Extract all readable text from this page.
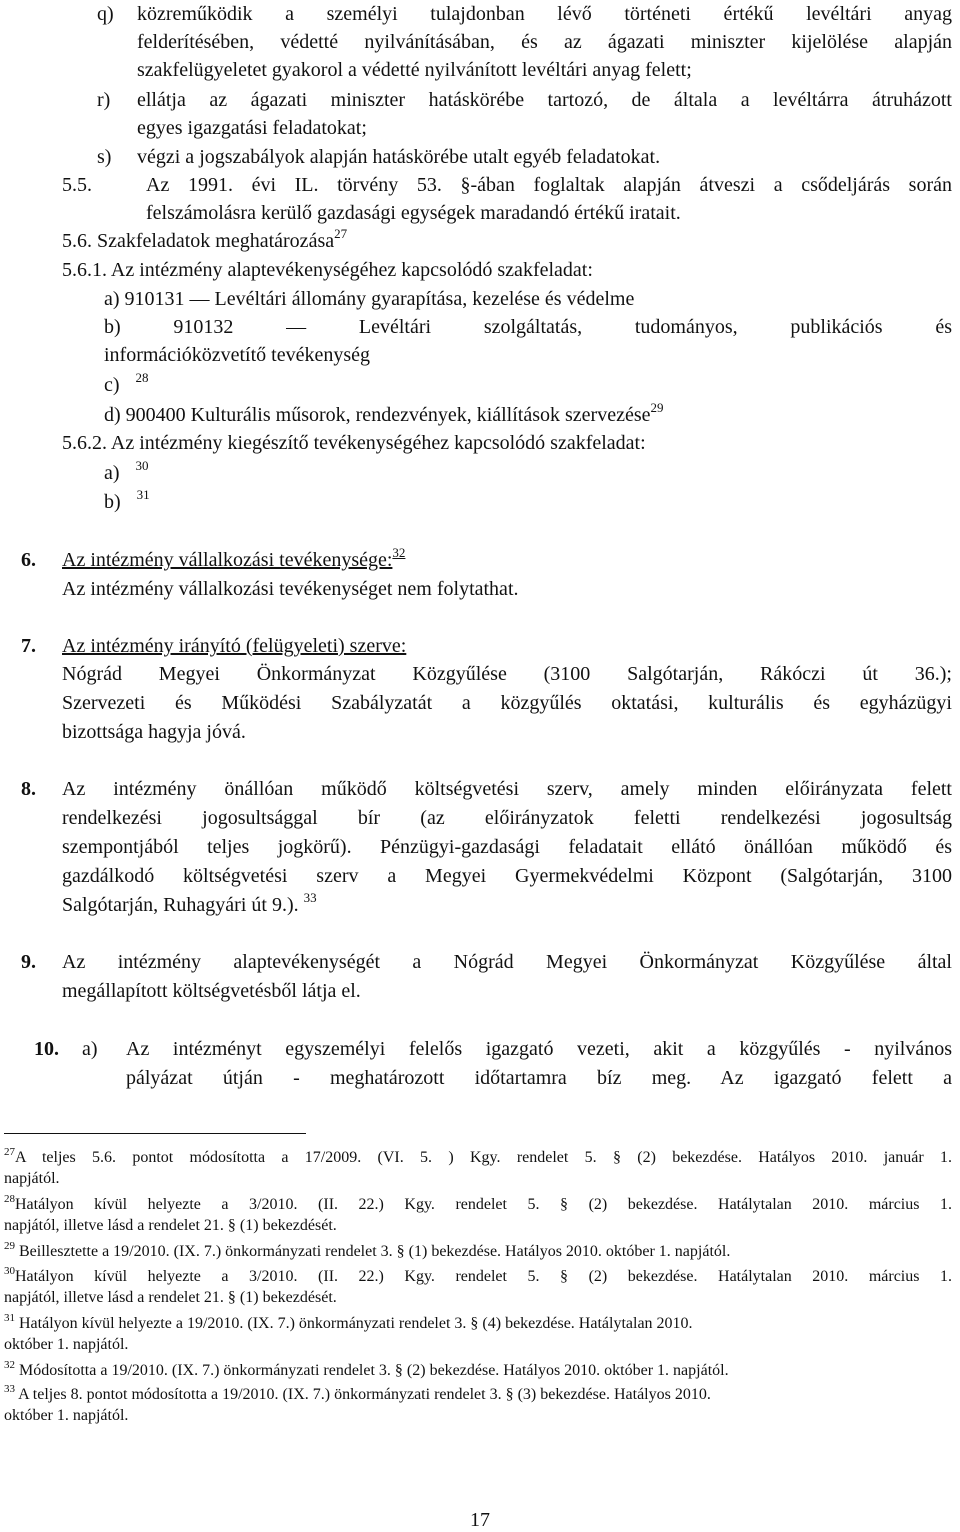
q) közreműködik a személyi tulajdonban lévő történeti értékű levéltári anyag
felderítésében, védetté nyilvánításában, és az ágazati miniszter kijelölése alapján
szakfelügyeletet gyakorol a védetté nyilvánított levéltári anyag felett;
r) ellátja az ágazati miniszter hatáskörébe tartozó, de általa a levéltárra átruházott
egyes igazgatási feladatokat;
s) végzi a jogszabályok alapján hatáskörébe utalt egyéb feladatokat.
5.5.	Az 1991. évi IL. törvény 53. §-ában foglaltak alapján átveszi a csődeljárás során
felszámolásra kerülő gazdasági egységek maradandó értékű iratait.
5.6. Szakfeladatok meghatározása$^{27}$
5.6.1. Az intézmény alaptevékenységéhez kapcsolódó szakfeladat:
a) 910131 — Levéltári állomány gyarapítása, kezelése és védelme
b) 910132 — Levéltári szolgáltatás, tudományos, publikációs és
információközvetítő tevékenység
c) $^{28}$
d) 900400 Kulturális műsorok, rendezvények, kiállítások szervezése$^{29}$
5.6.2. Az intézmény kiegészítő tevékenységéhez kapcsolódó szakfeladat:
a) $^{30}$
b) $^{31}$
6. Az intézmény vállalkozási tevékenysége:$^{32}$
Az intézmény vállalkozási tevékenységet nem folytathat.
7. Az intézmény irányító (felügyeleti) szerve:
Nógrád Megyei Önkormányzat Közgyűlése (3100 Salgótarján, Rákóczi út 36.);
Szervezeti és Működési Szabályzatát a közgyűlés oktatási, kulturális és egyházügyi
bizottsága hagyja jóvá.
8. Az intézmény önállóan működő költségvetési szerv, amely minden előirányzata felett
rendelkezési jogosultsággal bír (az előirányzatok feletti rendelkezési jogosultság
szempontjából teljes jogkörű). Pénzügyi-gazdasági feladatait ellátó önállóan működő és
gazdálkodó költségvetési szerv a Megyei Gyermekvédelmi Központ (Salgótarján, 3100
Salgótarján, Ruhagyári út 9.). $^{33}$
9. Az intézmény alaptevékenységét a Nógrád Megyei Önkormányzat Közgyűlése által
megállapított költségvetésből látja el.
10. a) Az intézményt egyszemélyi felelős igazgató vezeti, akit a közgyűlés - nyilvános
pályázat útján - meghatározott időtartamra bíz meg. Az igazgató felett a
$^{27}$A teljes 5.6. pontot módosította a 17/2009. (VI. 5. ) Kgy. rendelet 5. § (2) bekezdése. Hatályos 2010. január 1.
napjától.
$^{28}$Hatályon kívül helyezte a 3/2010. (II. 22.) Kgy. rendelet 5. § (2) bekezdése. Hatálytalan 2010. március 1.
napjától, illetve lásd a rendelet 21. § (1) bekezdését.
$^{29}$ Beillesztette a 19/2010. (IX. 7.) önkormányzati rendelet 3. § (1) bekezdése. Hatályos 2010. október 1. napjától.
$^{30}$Hatályon kívül helyezte a 3/2010. (II. 22.) Kgy. rendelet 5. § (2) bekezdése. Hatálytalan 2010. március 1.
napjától, illetve lásd a rendelet 21. § (1) bekezdését.
$^{31}$ Hatályon kívül helyezte a 19/2010. (IX. 7.) önkormányzati rendelet 3. § (4) bekezdése. Hatálytalan 2010.
október 1. napjától.
$^{32}$ Módosította a 19/2010. (IX. 7.) önkormányzati rendelet 3. § (2) bekezdése. Hatályos 2010. október 1. napjától.
$^{33}$ A teljes 8. pontot módosította a 19/2010. (IX. 7.) önkormányzati rendelet 3. § (3) bekezdése. Hatályos 2010.
október 1. napjától.
17
